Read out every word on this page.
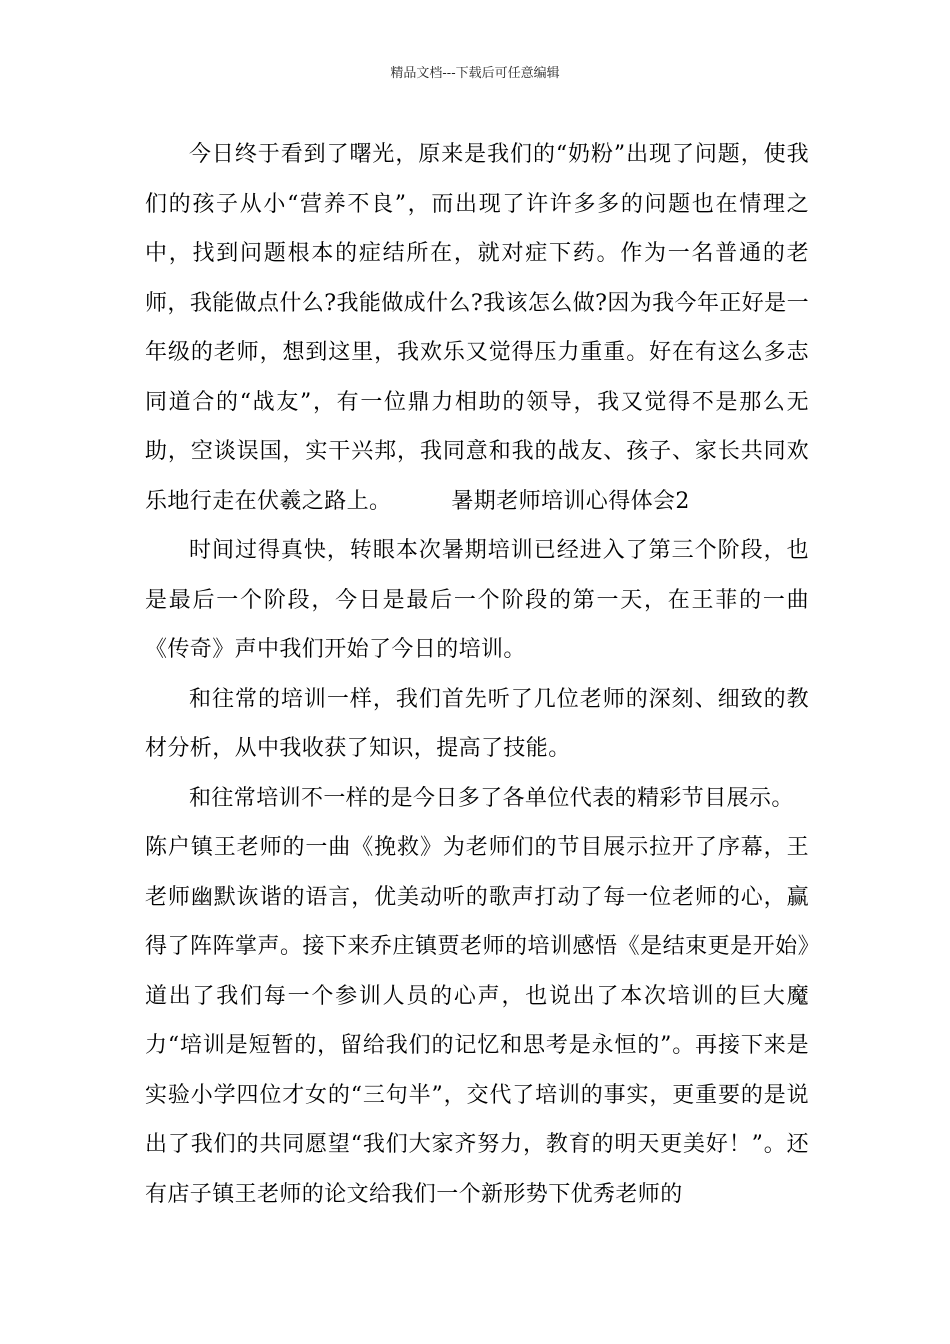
精品文档---下载后可任意编辑

今日终于看到了曙光，原来是我们的“奶粉”出现了问题，使我们的孩子从小“营养不良”，而出现了许许多多的问题也在情理之中，找到问题根本的症结所在，就对症下药。作为一名普通的老师，我能做点什么?我能做成什么?我该怎么做?因为我今年正好是一年级的老师，想到这里，我欢乐又觉得压力重重。好在有这么多志同道合的“战友”，有一位鼎力相助的领导，我又觉得不是那么无助，空谈误国，实干兴邦，我同意和我的战友、孩子、家长共同欢乐地行走在伏羲之路上。	暑期老师培训心得体会2

时间过得真快，转眼本次暑期培训已经进入了第三个阶段，也是最后一个阶段，今日是最后一个阶段的第一天，在王菲的一曲《传奇》声中我们开始了今日的培训。

和往常的培训一样，我们首先听了几位老师的深刻、细致的教材分析，从中我收获了知识，提高了技能。

和往常培训不一样的是今日多了各单位代表的精彩节目展示。

陈户镇王老师的一曲《挽救》为老师们的节目展示拉开了序幕，王老师幽默诙谐的语言，优美动听的歌声打动了每一位老师的心，赢得了阵阵掌声。接下来乔庄镇贾老师的培训感悟《是结束更是开始》道出了我们每一个参训人员的心声，也说出了本次培训的巨大魔力“培训是短暂的，留给我们的记忆和思考是永恒的”。再接下来是实验小学四位才女的“三句半”，交代了培训的事实，更重要的是说出了我们的共同愿望“我们大家齐努力，教育的明天更美好！”。还有店子镇王老师的论文给我们一个新形势下优秀老师的
